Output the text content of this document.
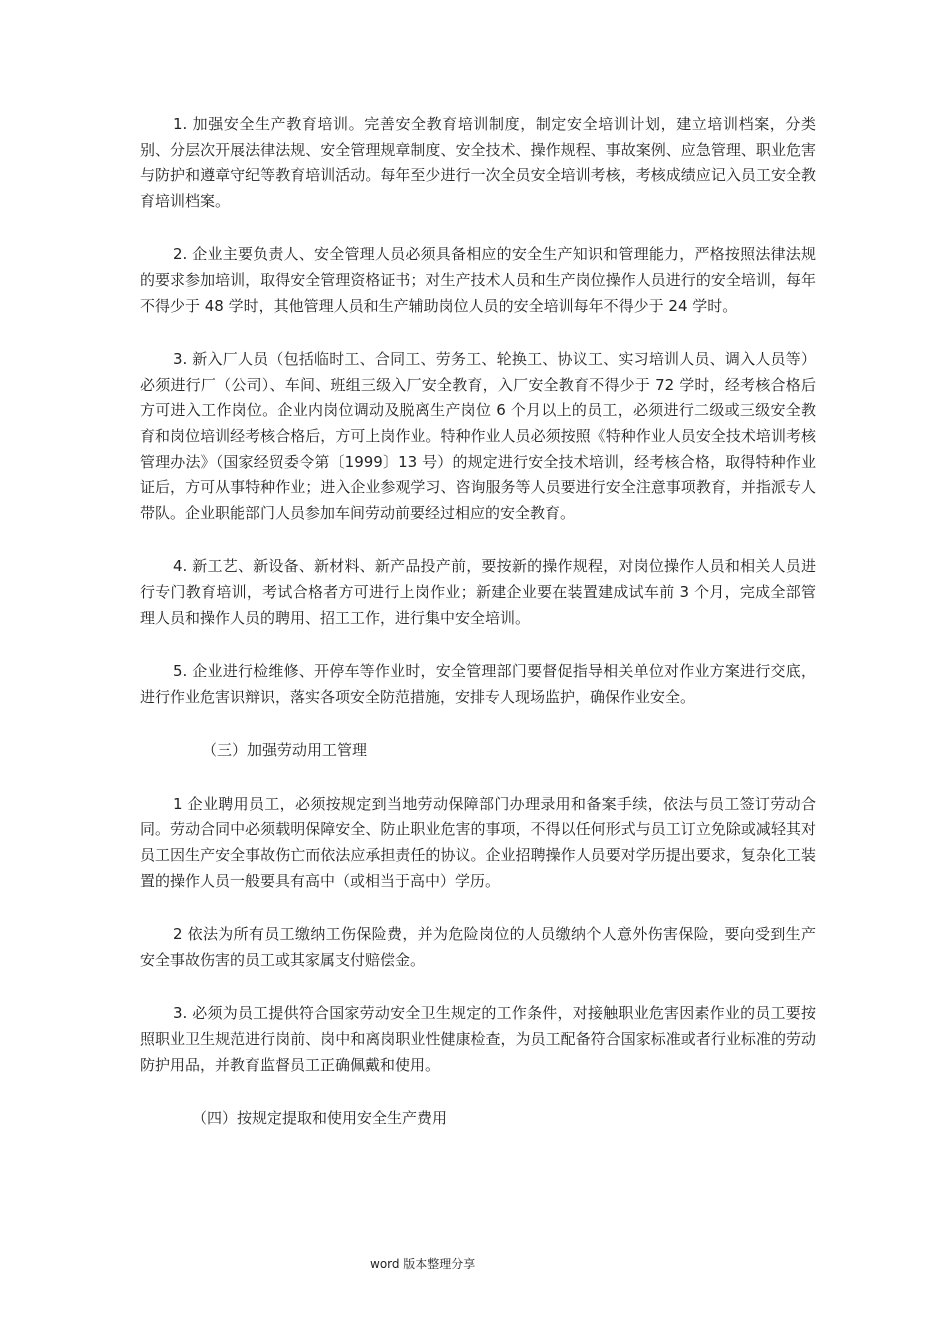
1. 加强安全生产教育培训。完善安全教育培训制度，制定安全培训计划，建立培训档案，分类别、分层次开展法律法规、安全管理规章制度、安全技术、操作规程、事故案例、应急管理、职业危害与防护和遵章守纪等教育培训活动。每年至少进行一次全员安全培训考核，考核成绩应记入员工安全教育培训档案。

2. 企业主要负责人、安全管理人员必须具备相应的安全生产知识和管理能力，严格按照法律法规的要求参加培训，取得安全管理资格证书；对生产技术人员和生产岗位操作人员进行的安全培训，每年不得少于 48 学时，其他管理人员和生产辅助岗位人员的安全培训每年不得少于 24 学时。

3. 新入厂人员（包括临时工、合同工、劳务工、轮换工、协议工、实习培训人员、调入人员等）必须进行厂（公司）、车间、班组三级入厂安全教育，入厂安全教育不得少于 72 学时，经考核合格后方可进入工作岗位。企业内岗位调动及脱离生产岗位 6 个月以上的员工，必须进行二级或三级安全教育和岗位培训经考核合格后，方可上岗作业。特种作业人员必须按照《特种作业人员安全技术培训考核管理办法》（国家经贸委令第〔1999〕13 号）的规定进行安全技术培训，经考核合格，取得特种作业证后，方可从事特种作业；进入企业参观学习、咨询服务等人员要进行安全注意事项教育，并指派专人带队。企业职能部门人员参加车间劳动前要经过相应的安全教育。

4. 新工艺、新设备、新材料、新产品投产前，要按新的操作规程，对岗位操作人员和相关人员进行专门教育培训，考试合格者方可进行上岗作业；新建企业要在装置建成试车前 3 个月，完成全部管理人员和操作人员的聘用、招工工作，进行集中安全培训。

5. 企业进行检维修、开停车等作业时，安全管理部门要督促指导相关单位对作业方案进行交底，进行作业危害识辩识，落实各项安全防范措施，安排专人现场监护，确保作业安全。

（三）加强劳动用工管理

1 企业聘用员工，必须按规定到当地劳动保障部门办理录用和备案手续，依法与员工签订劳动合同。劳动合同中必须载明保障安全、防止职业危害的事项，不得以任何形式与员工订立免除或减轻其对员工因生产安全事故伤亡而依法应承担责任的协议。企业招聘操作人员要对学历提出要求，复杂化工装置的操作人员一般要具有高中（或相当于高中）学历。

2 依法为所有员工缴纳工伤保险费，并为危险岗位的人员缴纳个人意外伤害保险，要向受到生产安全事故伤害的员工或其家属支付赔偿金。

3. 必须为员工提供符合国家劳动安全卫生规定的工作条件，对接触职业危害因素作业的员工要按照职业卫生规范进行岗前、岗中和离岗职业性健康检查，为员工配备符合国家标准或者行业标准的劳动防护用品，并教育监督员工正确佩戴和使用。

（四）按规定提取和使用安全生产费用

word 版本整理分享
